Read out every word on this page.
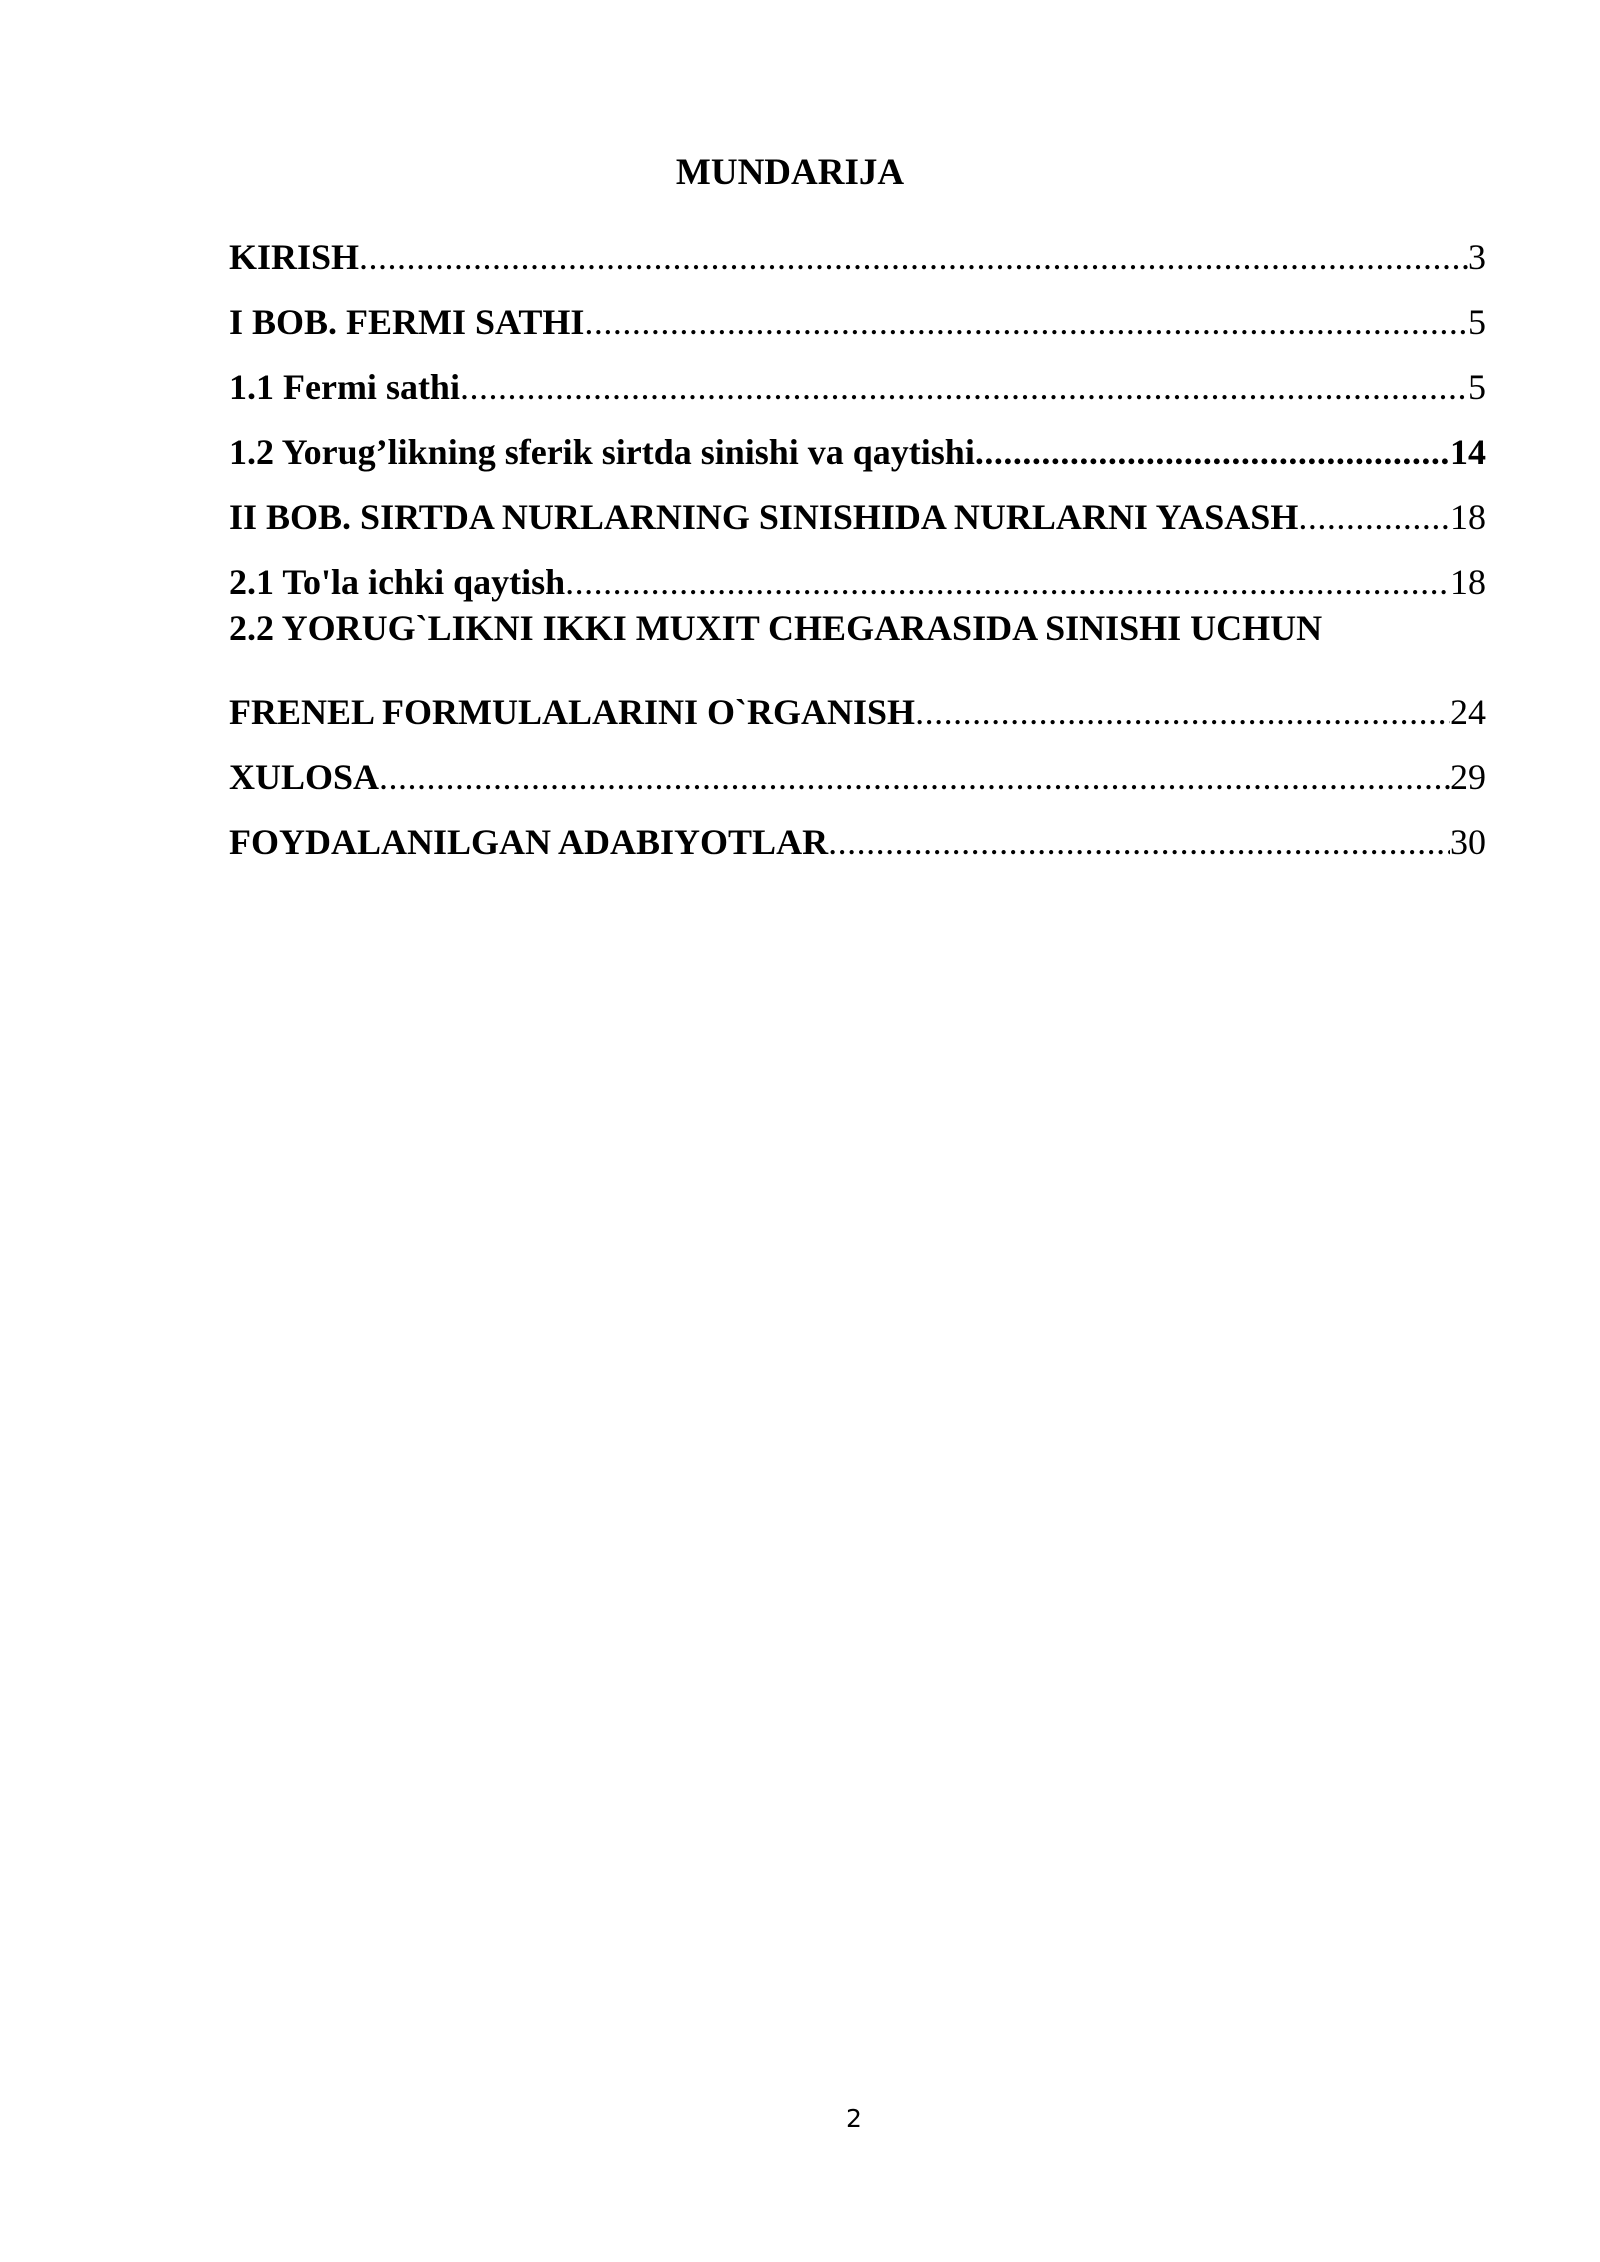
MUNDARIJA
KIRISH .....	3
I BOB. FERMI SATHI .....	5
1.1 Fermi sathi .....	5
1.2 Yorug’likning sferik sirtda sinishi va qaytishi .....	14
II BOB. SIRTDA NURLARNING SINISHIDA NURLARNI YASASH .....	18
2.1 To'la ichki qaytish .....	18
2.2 YORUG`LIKNI IKKI MUXIT CHEGARASIDA SINISHI UCHUN
FRENEL FORMULALARINI O`RGANISH .....	24
XULOSA .....	29
FOYDALANILGAN ADABIYOTLAR .....	30
2
